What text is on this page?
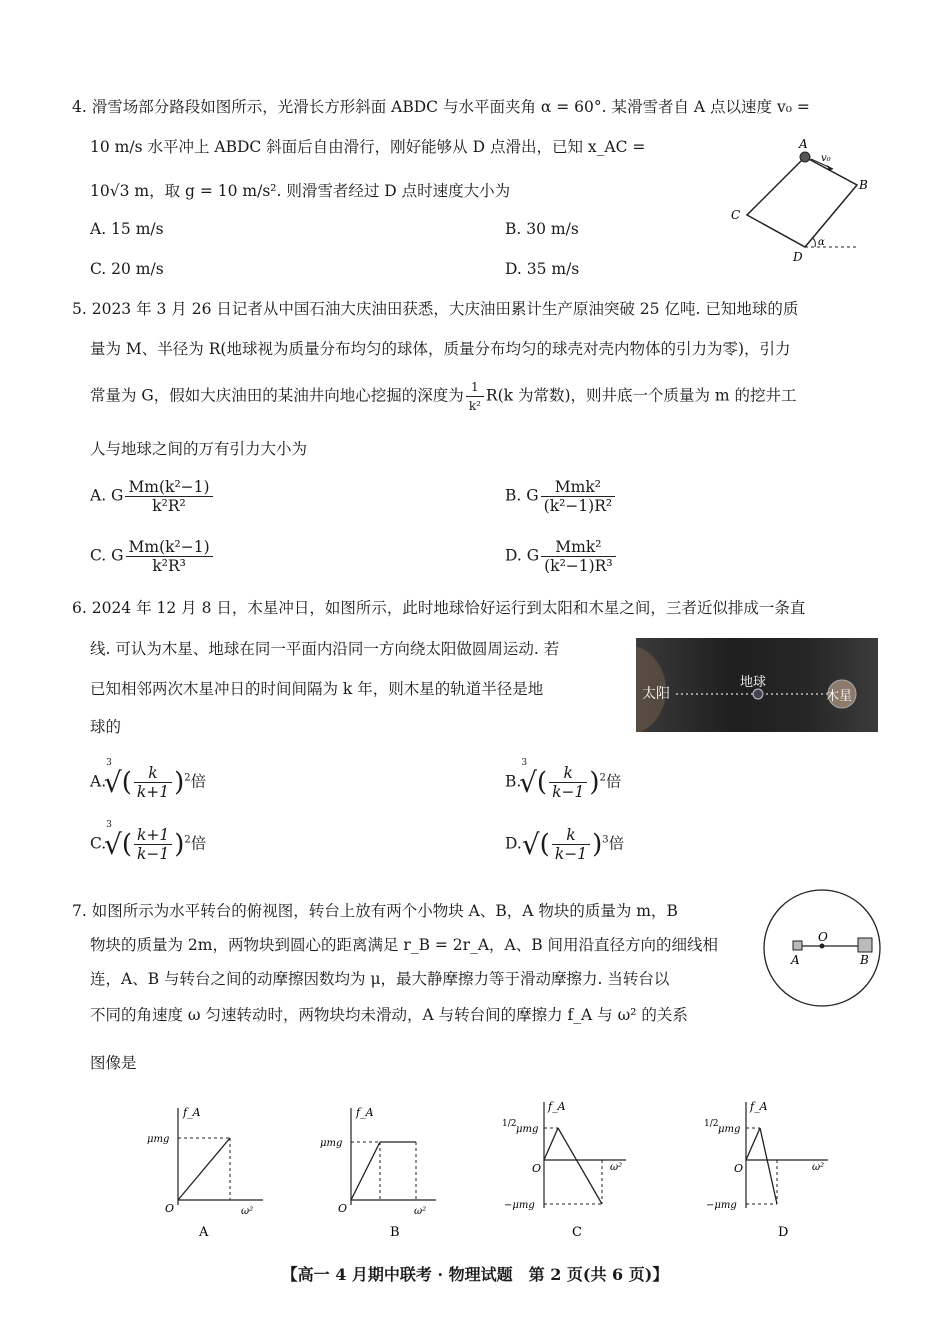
4. 滑雪场部分路段如图所示，光滑长方形斜面 ABDC 与水平面夹角 α = 60°. 某滑雪者自 A 点以速度 v₀ =
10 m/s 水平冲上 ABDC 斜面后自由滑行，刚好能够从 D 点滑出，已知 x_AC =
10√3 m，取 g = 10 m/s². 则滑雪者经过 D 点时速度大小为
A. 15 m/s	B. 30 m/s
C. 20 m/s	D. 35 m/s
A
B
C
D
v₀
α
5. 2023 年 3 月 26 日记者从中国石油大庆油田获悉，大庆油田累计生产原油突破 25 亿吨. 已知地球的质
量为 M、半径为 R(地球视为质量分布均匀的球体，质量分布均匀的球壳对壳内物体的引力为零)，引力
常量为 G，假如大庆油田的某油井向地心挖掘的深度为 $\frac{1}{\text{k²}} R(k$ 为常数)，则井底一个质量为 m 的挖井工
人与地球之间的万有引力大小为
A. G $\frac{\text{Mm(k²−1)}}{\text{k²R²}}$	B. G $\frac{\text{Mmk²}}{\text{(k²−1)R²}}$
C. G $\frac{\text{Mm(k²−1)}}{\text{k²R³}}$	D. G $\frac{\text{Mmk²}}{\text{(k²−1)R³}}$
6. 2024 年 12 月 8 日，木星冲日，如图所示，此时地球恰好运行到太阳和木星之间，三者近似排成一条直
线. 可认为木星、地球在同一平面内沿同一方向绕太阳做圆周运动. 若
已知相邻两次木星冲日的时间间隔为 k 年，则木星的轨道半径是地
球的
太阳
地球
木星
$A.^3√( \frac{k}{k+1} )^2$倍	$B.^3√( \frac{k}{k-1} )^2$倍
$C.^3√( \frac{k+1}{k-1} )^2$倍	$D.√( \frac{k}{k-1} )^3$倍
7. 如图所示为水平转台的俯视图，转台上放有两个小物块 A、B，A 物块的质量为 m，B
物块的质量为 2m，两物块到圆心的距离满足 r_B = 2r_A，A、B 间用沿直径方向的细线相
连，A、B 与转台之间的动摩擦因数均为 μ，最大静摩擦力等于滑动摩擦力. 当转台以
不同的角速度 ω 匀速转动时，两物块均未滑动，A 与转台间的摩擦力 f_A 与 ω² 的关系
图像是
O
A	B
f_A
μmg
O	ω²
A
f_A
μmg
O	ω²
B
f_A
1/2 μmg
O	ω²
−μmg
C
f_A
1/2 μmg
O	ω²
−μmg
D
【高一 4 月期中联考 · 物理试题　第 2 页(共 6 页)】
